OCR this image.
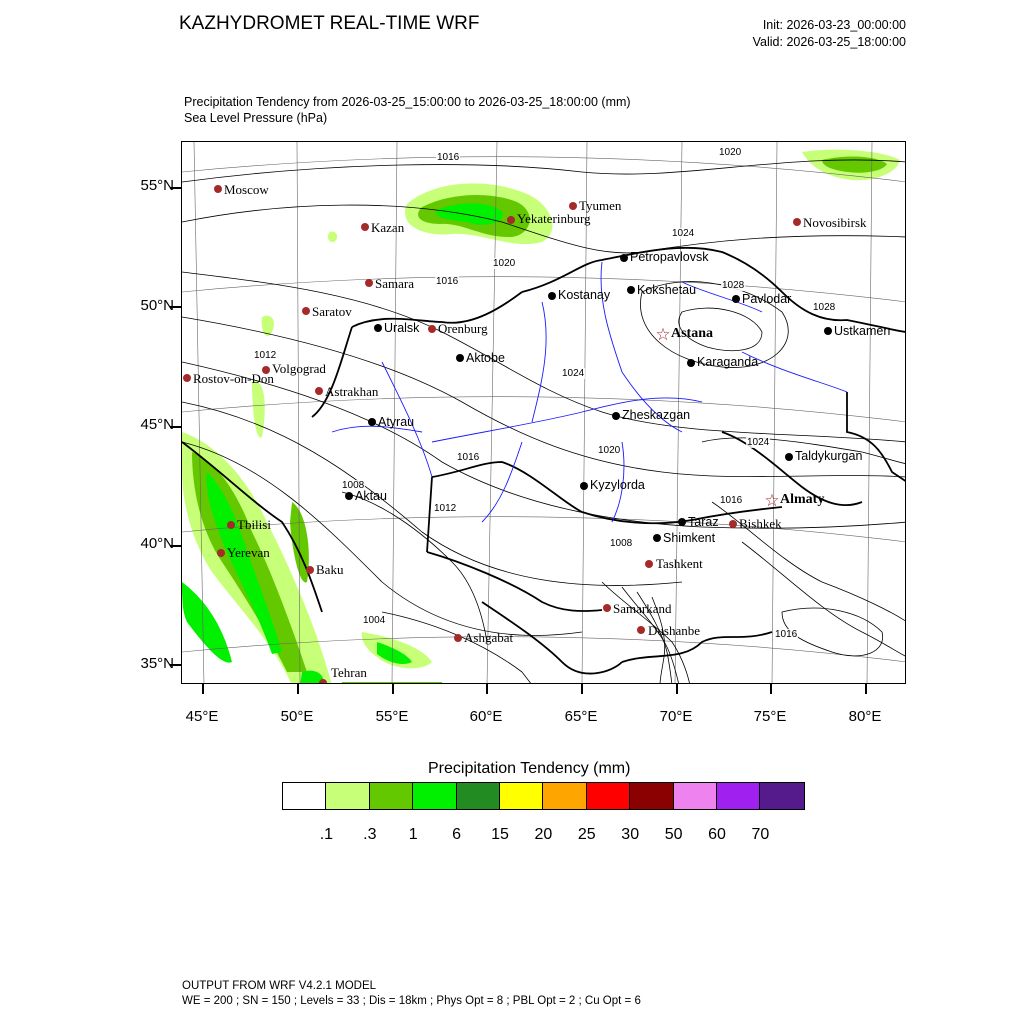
KAZHYDROMET REAL-TIME WRF	Init: 2026-03-23_00:00:00
Valid: 2026-03-25_18:00:00
Precipitation Tendency from 2026-03-25_15:00:00 to 2026-03-25_18:00:00 (mm)
Sea Level Pressure (hPa)
1016	1020
1024
1020
1016
1012
1028
1028
1024
1016
1012
1020
1008
1016
1024
1008
1004
1016
Moscow
Kazan
Samara
Saratov
Volgograd
Rostov-on-Don
Astrakhan
Tyumen
Yekaterinburg	Novosibirsk
Orenburg
Tbilisi
Yerevan
Baku
Tehran
Ashgabat
Samarkand
Dushanbe
Tashkent
Bishkek
Petropavlovsk
Kostanay Kokshetau
Pavlodar
Uralsk
Aktobe
Atyrau
Aktau
Ustkamen
Karaganda
Zheskazgan
Kyzylorda
Taldykurgan
Taraz
Shimkent
☆ Astana
☆ Almaty
55°N
50°N
45°N
40°N
35°N
45°E	50°E	55°E	60°E	65°E	70°E	75°E	80°E
Precipitation Tendency (mm)
.1 .3 1 6 15 20 25 30 50 60 70
OUTPUT FROM WRF V4.2.1 MODEL
WE = 200 ; SN = 150 ; Levels = 33 ; Dis = 18km ; Phys Opt = 8 ; PBL Opt = 2 ; Cu Opt = 6
